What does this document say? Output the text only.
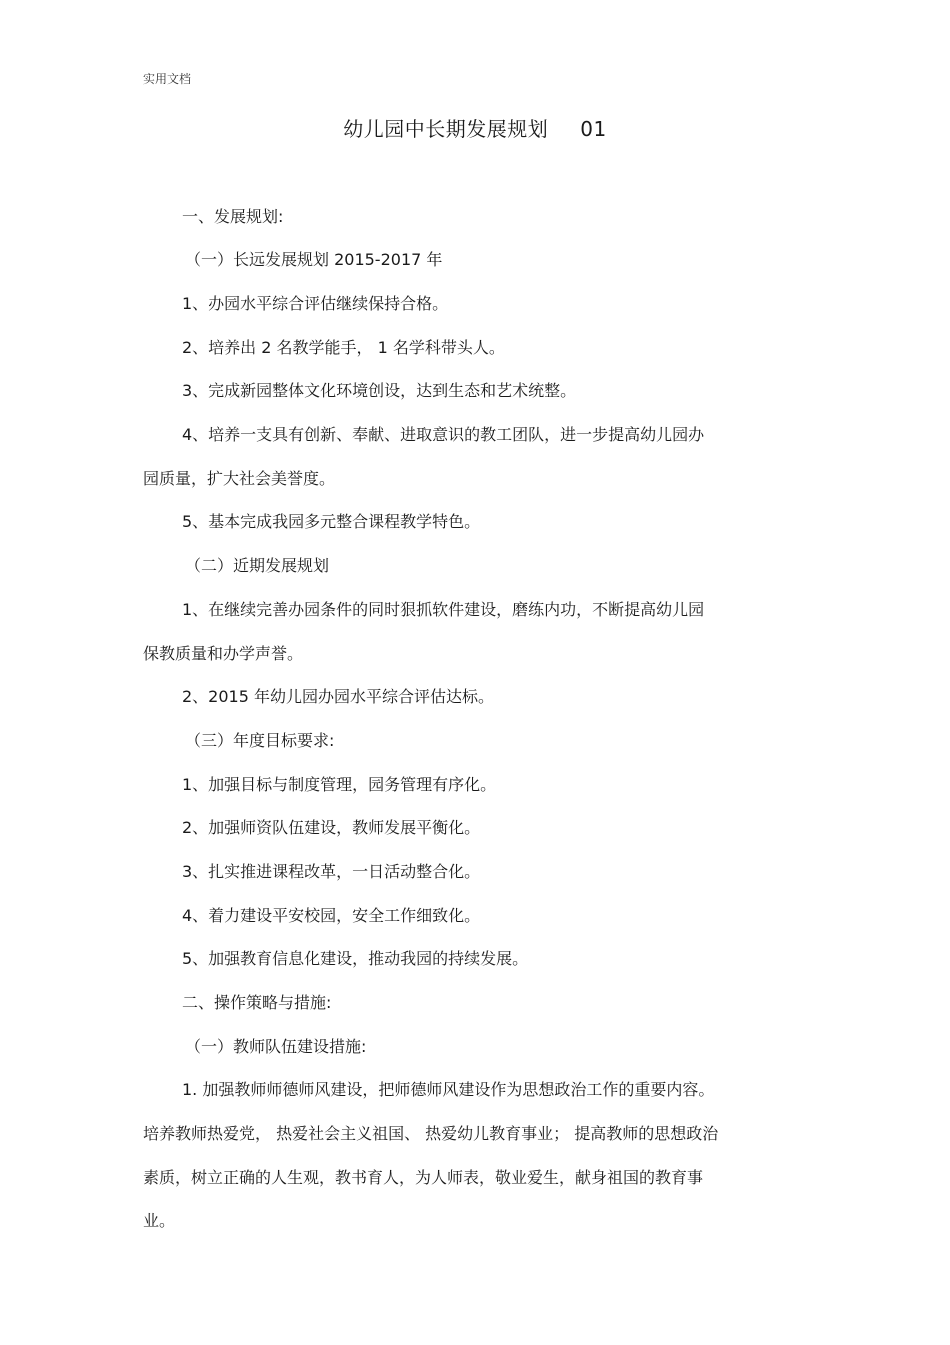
实用文档
幼儿园中长期发展规划 01
一、发展规划:
（一）长远发展规划 2015-2017 年
1、办园水平综合评估继续保持合格。
2、培养出 2 名教学能手， 1 名学科带头人。
3、完成新园整体文化环境创设，达到生态和艺术统整。
4、培养一支具有创新、奉献、进取意识的教工团队，进一步提高幼儿园办
园质量，扩大社会美誉度。
5、基本完成我园多元整合课程教学特色。
（二）近期发展规划
1、在继续完善办园条件的同时狠抓软件建设，磨练内功，不断提高幼儿园
保教质量和办学声誉。
2、2015 年幼儿园办园水平综合评估达标。
（三）年度目标要求:
1、加强目标与制度管理，园务管理有序化。
2、加强师资队伍建设，教师发展平衡化。
3、扎实推进课程改革，一日活动整合化。
4、着力建设平安校园，安全工作细致化。
5、加强教育信息化建设，推动我园的持续发展。
二、操作策略与措施:
（一）教师队伍建设措施:
1. 加强教师师德师风建设，把师德师风建设作为思想政治工作的重要内容。
培养教师热爱党， 热爱社会主义祖国、 热爱幼儿教育事业； 提高教师的思想政治
素质，树立正确的人生观，教书育人，为人师表，敬业爱生，献身祖国的教育事
业。
